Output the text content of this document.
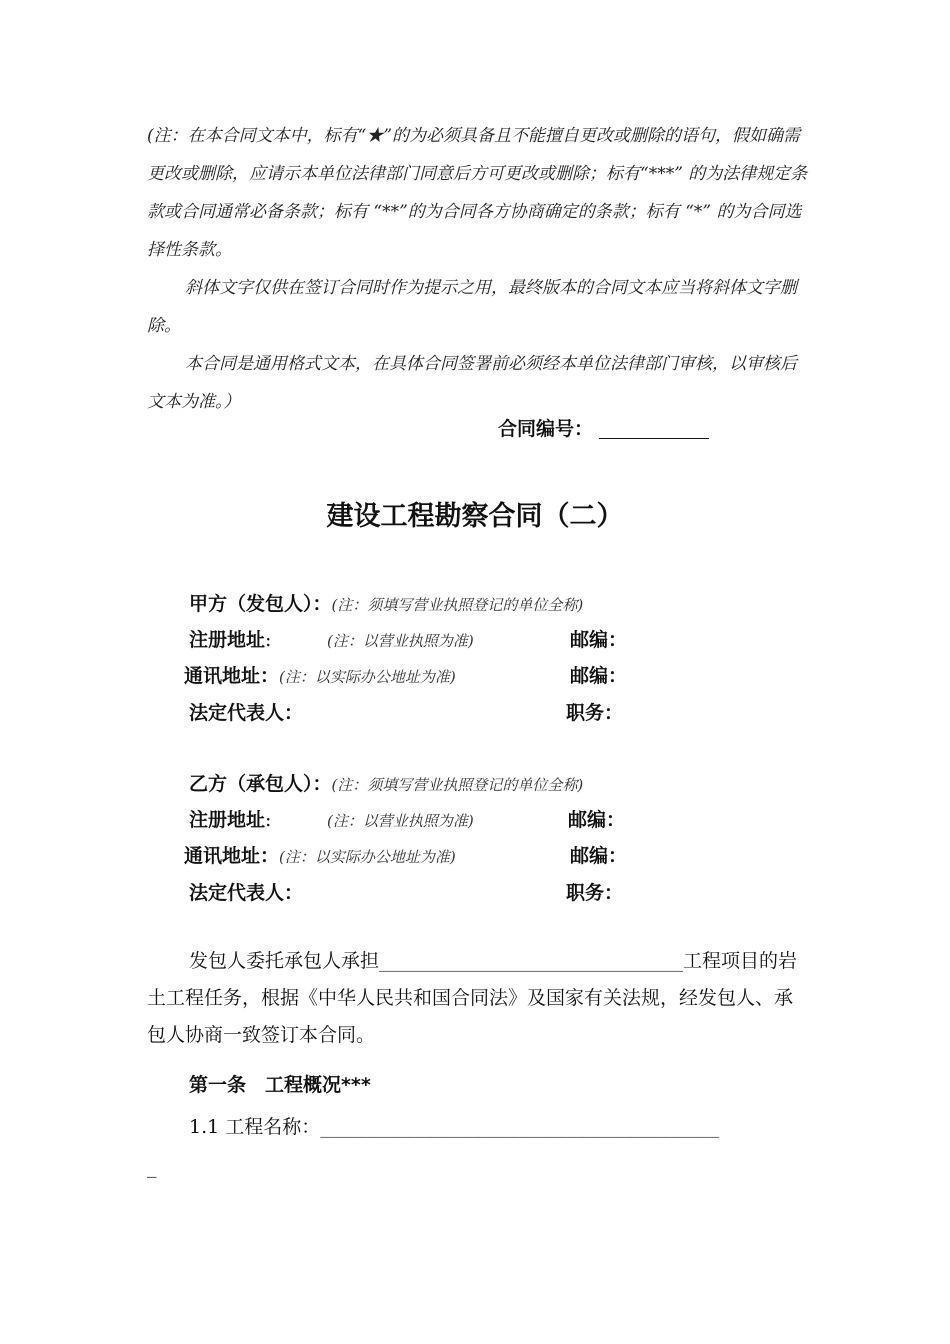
(注：在本合同文本中，标有“★”的为必须具备且不能擅自更改或删除的语句，假如确需更改或删除，应请示本单位法律部门同意后方可更改或删除；标有“***” 的为法律规定条款或合同通常必备条款；标有 “**”的为合同各方协商确定的条款；标有 “*” 的为合同选择性条款。

斜体文字仅供在签订合同时作为提示之用，最终版本的合同文本应当将斜体文字删除。

本合同是通用格式文本，在具体合同签署前必须经本单位法律部门审核，以审核后文本为准。）

合同编号：
建设工程勘察合同（二）
甲方（发包人）：(注：须填写营业执照登记的单位全称)
注册地址:	(注：以营业执照为准)	邮编：
通讯地址：(注：以实际办公地址为准)	邮编：
法定代表人：	职务：
乙方（承包人）：(注：须填写营业执照登记的单位全称)
注册地址:	(注：以营业执照为准)	邮编：
通讯地址：(注：以实际办公地址为准)	邮编：
法定代表人：	职务：

发包人委托承包人承担________________________________工程项目的岩土工程任务，根据《中华人民共和国合同法》及国家有关法规，经发包人、承包人协商一致签订本合同。

第一条　工程概况***
1.1 工程名称：__________________________________________
_
